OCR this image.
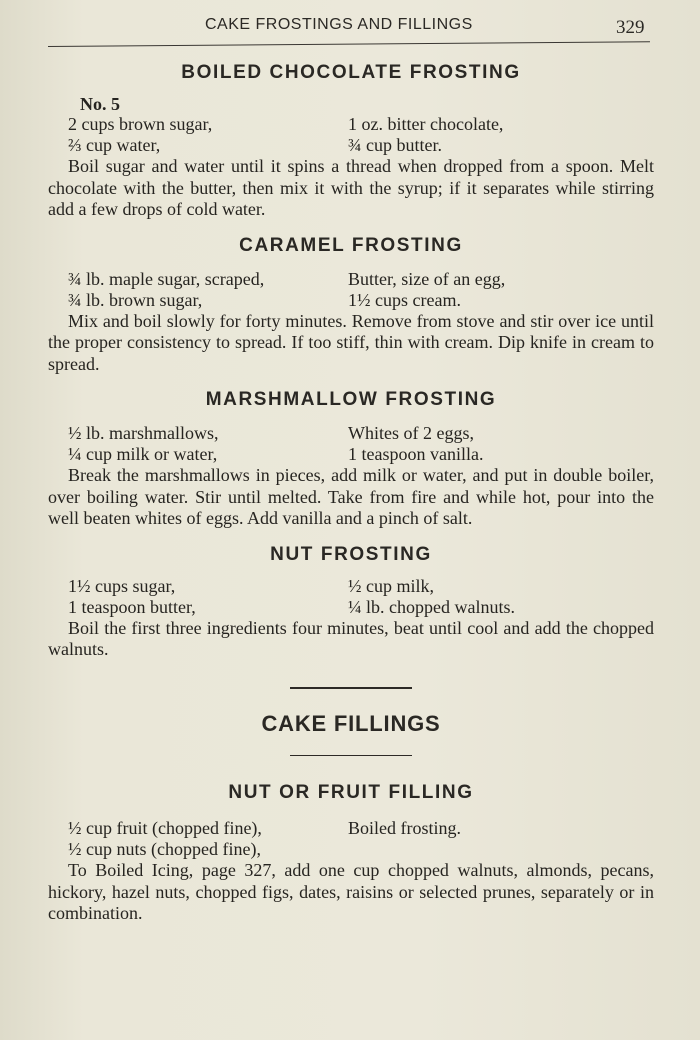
CAKE FROSTINGS AND FILLINGS	329
BOILED CHOCOLATE FROSTING
No. 5
2 cups brown sugar,	1 oz. bitter chocolate,
⅔ cup water,	¾ cup butter.

Boil sugar and water until it spins a thread when dropped from a spoon. Melt chocolate with the butter, then mix it with the syrup; if it separates while stirring add a few drops of cold water.

CARAMEL FROSTING
¾ lb. maple sugar, scraped,	Butter, size of an egg,
¾ lb. brown sugar,	1½ cups cream.

Mix and boil slowly for forty minutes. Remove from stove and stir over ice until the proper consistency to spread. If too stiff, thin with cream. Dip knife in cream to spread.

MARSHMALLOW FROSTING
½ lb. marshmallows,	Whites of 2 eggs,
¼ cup milk or water,	1 teaspoon vanilla.

Break the marshmallows in pieces, add milk or water, and put in double boiler, over boiling water. Stir until melted. Take from fire and while hot, pour into the well beaten whites of eggs. Add vanilla and a pinch of salt.

NUT FROSTING
1½ cups sugar,	½ cup milk,
1 teaspoon butter,	¼ lb. chopped walnuts.

Boil the first three ingredients four minutes, beat until cool and add the chopped walnuts.

CAKE FILLINGS
NUT OR FRUIT FILLING
½ cup fruit (chopped fine),	Boiled frosting.
½ cup nuts (chopped fine),

To Boiled Icing, page 327, add one cup chopped walnuts, almonds, pecans, hickory, hazel nuts, chopped figs, dates, raisins or selected prunes, separately or in combination.
